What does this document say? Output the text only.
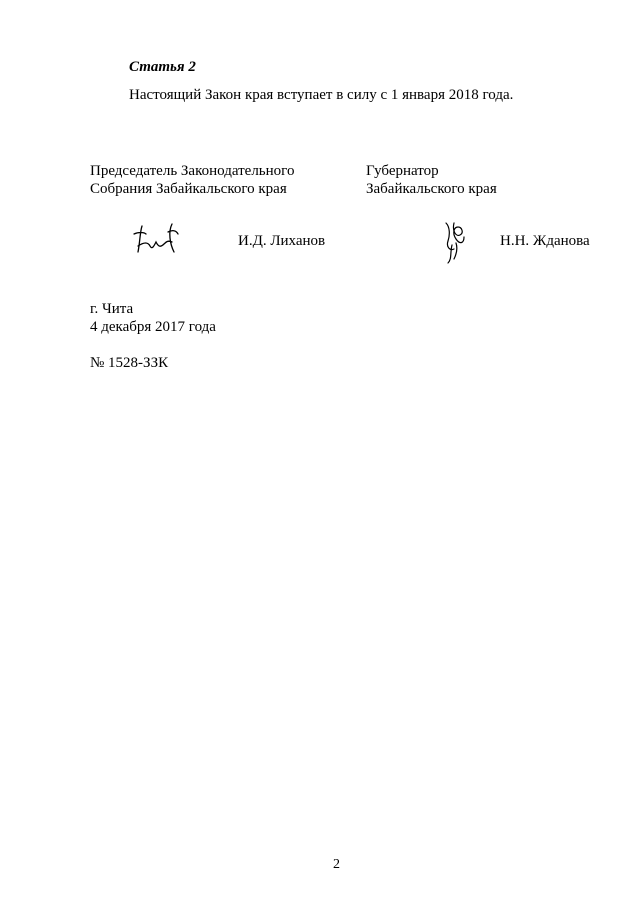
Статья 2
Настоящий Закон края вступает в силу с 1 января 2018 года.
Председатель Законодательного
Собрания Забайкальского края
Губернатор
Забайкальского края
И.Д. Лиханов	Н.Н. Жданова
г. Чита
4 декабря 2017 года
№ 1528-ЗЗК
2
